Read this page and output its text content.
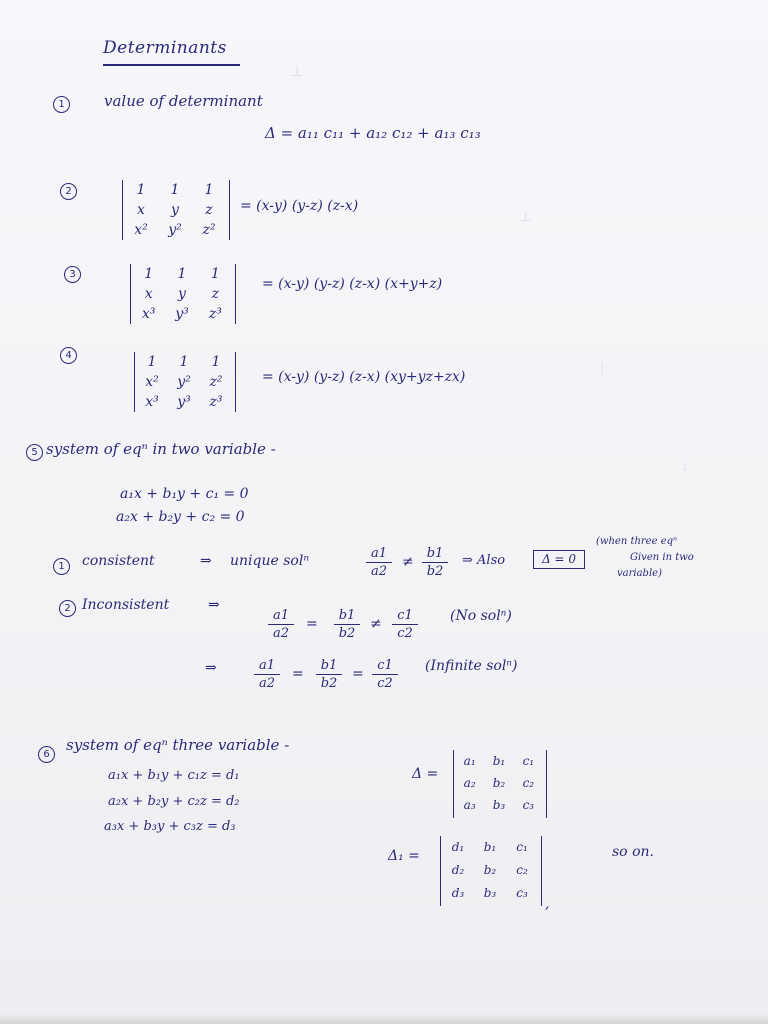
⊥
⊥
|
↓
Determinants
1	value of determinant
Δ = a₁₁ c₁₁ + a₁₂ c₁₂ + a₁₃ c₁₃
2	1	1	1
x	y	z
x²	y²	z²
= (x-y) (y-z) (z-x)
3	1	1	1
x	y	z
x³	y³	z³
= (x-y) (y-z) (z-x) (x+y+z)
4	1	1	1
x²	y²	z²
x³	y³	z³
= (x-y) (y-z) (z-x) (xy+yz+zx)
5 system of eqⁿ in two variable -
a₁x + b₁y + c₁ = 0
a₂x + b₂y + c₂ = 0
1	consistent	⇒ unique solⁿ	a1
a2
≠
b1
b2
⇒ Also	Δ = 0
(when three eqⁿ
Given in two
variable)
2 Inconsistent	⇒
a1
a2
=
b1
b2
≠
c1
c2
(No solⁿ)
⇒	a1
a2
=
b1
b2
=
c1
c2
(Infinite solⁿ)
6
system of eqⁿ three variable -
a₁x + b₁y + c₁z = d₁
a₂x + b₂y + c₂z = d₂
a₃x + b₃y + c₃z = d₃
Δ =
a₁	b₁	c₁
a₂	b₂	c₂
a₃	b₃	c₃
Δ₁ =
d₁	b₁	c₁
d₂	b₂	c₂
d₃	b₃	c₃
,
so on.
